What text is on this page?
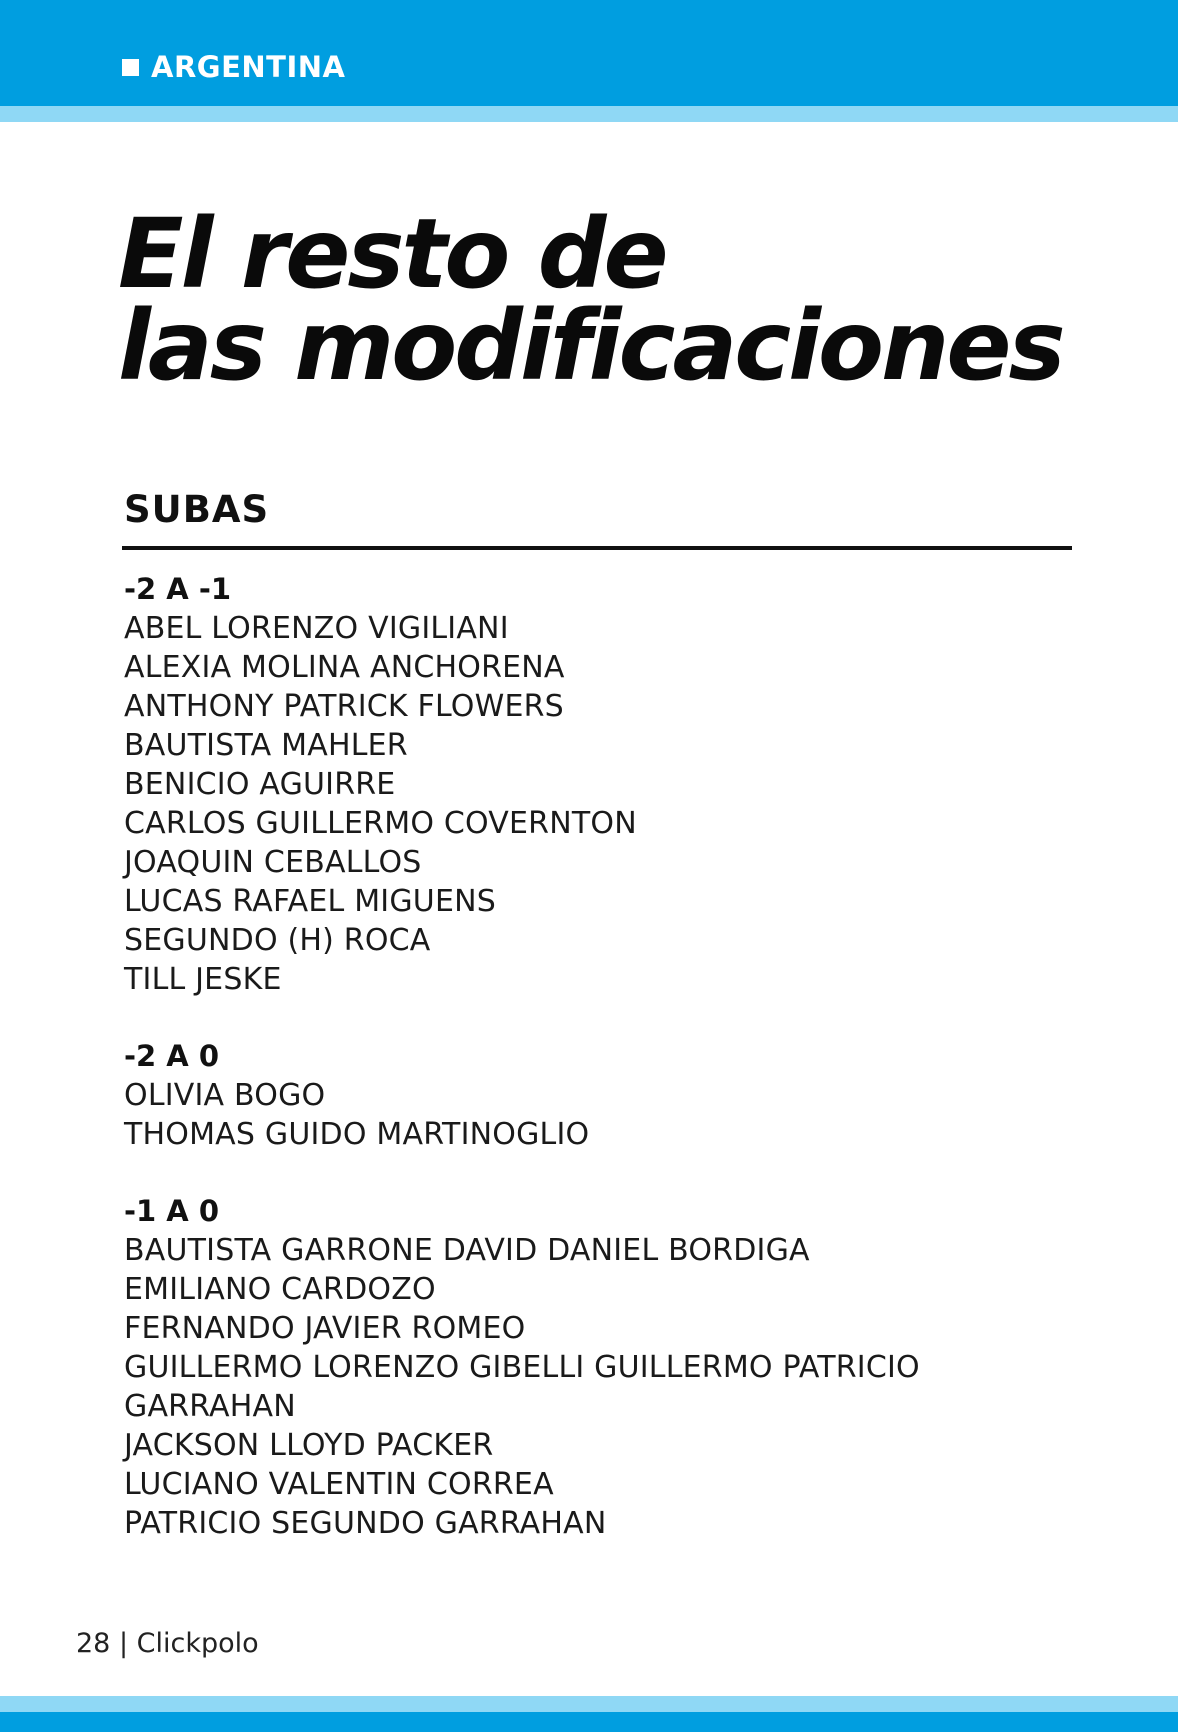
ARGENTINA
El resto de
las modificaciones
SUBAS
-2 A -1
ABEL LORENZO VIGILIANI
ALEXIA MOLINA ANCHORENA
ANTHONY PATRICK FLOWERS
BAUTISTA MAHLER
BENICIO AGUIRRE
CARLOS GUILLERMO COVERNTON
JOAQUIN CEBALLOS
LUCAS RAFAEL MIGUENS
SEGUNDO (H) ROCA
TILL JESKE
-2 A 0
OLIVIA BOGO
THOMAS GUIDO MARTINOGLIO
-1 A 0
BAUTISTA GARRONE DAVID DANIEL BORDIGA
EMILIANO CARDOZO
FERNANDO JAVIER ROMEO
GUILLERMO LORENZO GIBELLI GUILLERMO PATRICIO
GARRAHAN
JACKSON LLOYD PACKER
LUCIANO VALENTIN CORREA
PATRICIO SEGUNDO GARRAHAN
28 | Clickpolo
